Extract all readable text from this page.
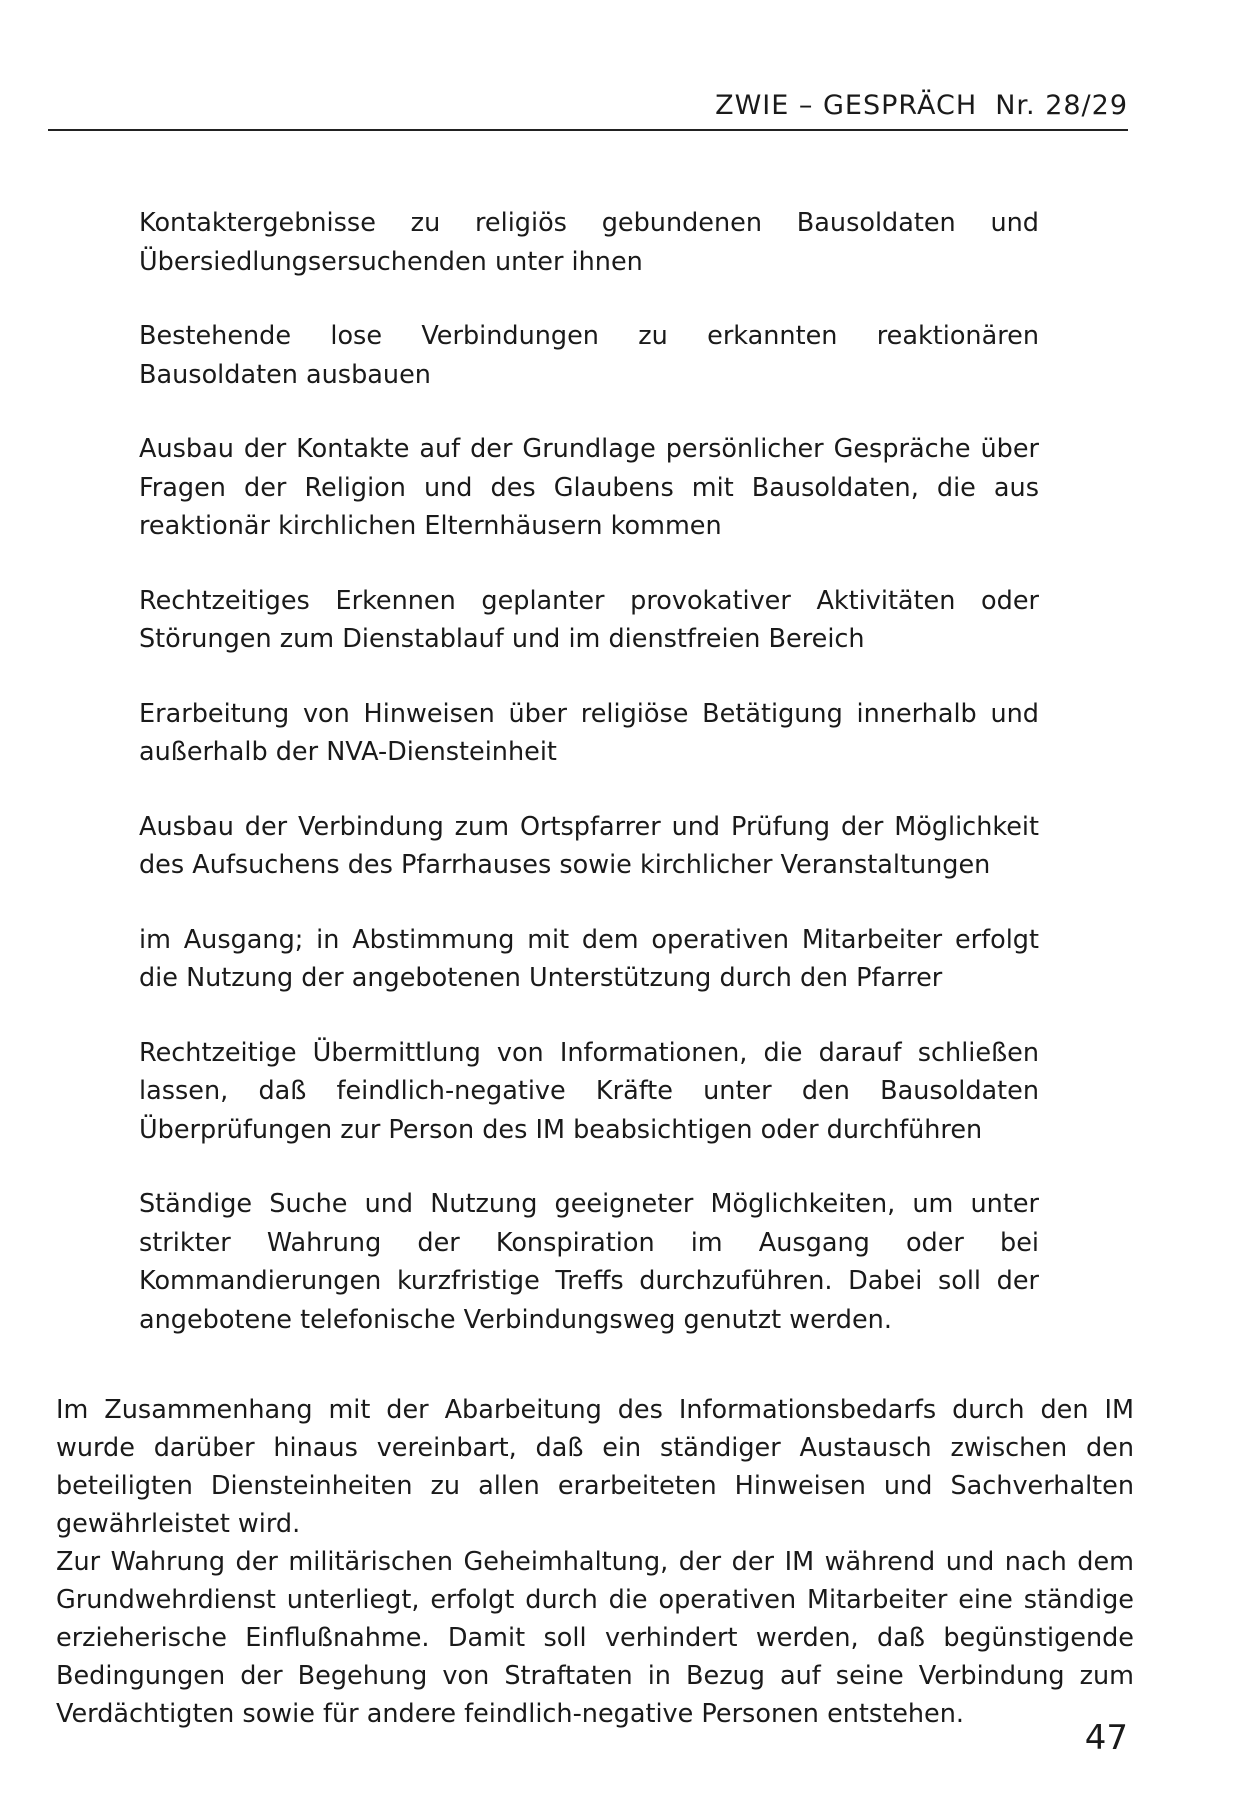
ZWIE – GESPRÄCH Nr. 28/29

Kontaktergebnisse zu religiös gebundenen Bausoldaten und Übersiedlungsersuchenden unter ihnen

Bestehende lose Verbindungen zu erkannten reaktionären Bausoldaten ausbauen

Ausbau der Kontakte auf der Grundlage persönlicher Gespräche über Fragen der Religion und des Glaubens mit Bausoldaten, die aus reaktionär kirchlichen Elternhäusern kommen

Rechtzeitiges Erkennen geplanter provokativer Aktivitäten oder Störungen zum Dienstablauf und im dienstfreien Bereich

Erarbeitung von Hinweisen über religiöse Betätigung innerhalb und außerhalb der NVA-Diensteinheit

Ausbau der Verbindung zum Ortspfarrer und Prüfung der Möglichkeit des Aufsuchens des Pfarrhauses sowie kirchlicher Veranstaltungen

im Ausgang; in Abstimmung mit dem operativen Mitarbeiter erfolgt die Nutzung der angebotenen Unterstützung durch den Pfarrer

Rechtzeitige Übermittlung von Informationen, die darauf schließen lassen, daß feindlich-negative Kräfte unter den Bausoldaten Überprüfungen zur Person des IM beabsichtigen oder durchführen

Ständige Suche und Nutzung geeigneter Möglichkeiten, um unter strikter Wahrung der Konspiration im Ausgang oder bei Kommandierungen kurzfristige Treffs durchzuführen. Dabei soll der angebotene telefonische Verbindungsweg genutzt werden.

Im Zusammenhang mit der Abarbeitung des Informationsbedarfs durch den IM wurde darüber hinaus vereinbart, daß ein ständiger Austausch zwischen den beteiligten Diensteinheiten zu allen erarbeiteten Hinweisen und Sachverhalten gewährleistet wird.

Zur Wahrung der militärischen Geheimhaltung, der der IM während und nach dem Grundwehrdienst unterliegt, erfolgt durch die operativen Mitarbeiter eine ständige erzieherische Einflußnahme. Damit soll verhindert werden, daß begünstigende Bedingungen der Begehung von Straftaten in Bezug auf seine Verbindung zum Verdächtigten sowie für andere feindlich-negative Personen entstehen.

47
